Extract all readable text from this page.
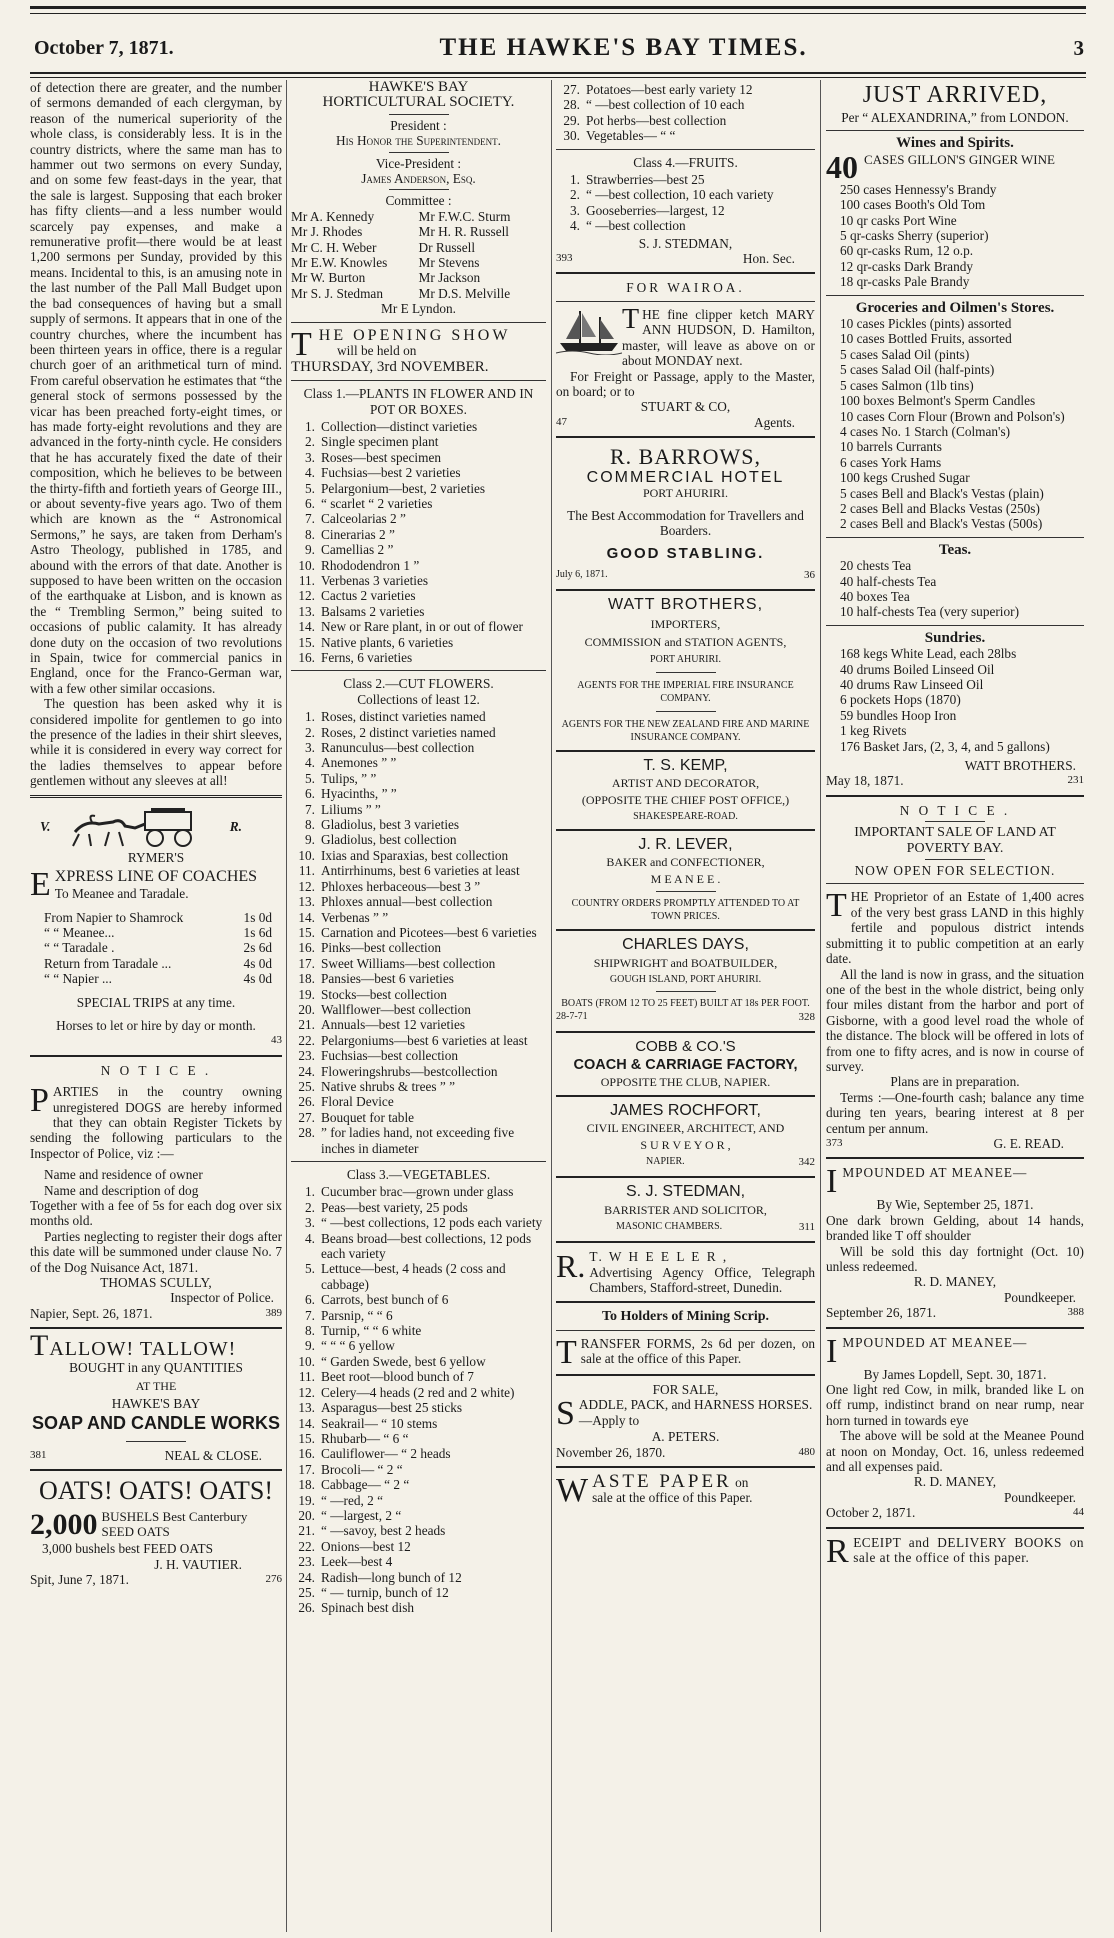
October 7, 1871.	THE HAWKE'S BAY TIMES.	3

of detection there are greater, and the number of sermons demanded of each clergyman, by reason of the numerical superiority of the whole class, is considerably less. It is in the country districts, where the same man has to hammer out two sermons on every Sunday, and on some few feast-days in the year, that the sale is largest. Supposing that each broker has fifty clients—and a less number would scarcely pay expenses, and make a remunerative profit—there would be at least 1,200 sermons per Sunday, provided by this means. Incidental to this, is an amusing note in the last number of the Pall Mall Budget upon the bad consequences of having but a small supply of sermons. It appears that in one of the country churches, where the incumbent has been thirteen years in office, there is a regular church goer of an arithmetical turn of mind. From careful observation he estimates that “the general stock of sermons possessed by the vicar has been preached forty-eight times, or has made forty-eight revolutions and they are advanced in the forty-ninth cycle. He considers that he has accurately fixed the date of their composition, which he believes to be between the thirty-fifth and fortieth years of George III., or about seventy-five years ago. Two of them which are known as the “ Astronomical Sermons,” he says, are taken from Derham's Astro Theology, published in 1785, and abound with the errors of that date. Another is supposed to have been written on the occasion of the earthquake at Lisbon, and is known as the “ Trembling Sermon,” being suited to occasions of public calamity. It has already done duty on the occasion of two revolutions in Spain, twice for commercial panics in England, once for the Franco-German war, with a few other similar occasions.

The question has been asked why it is considered impolite for gentlemen to go into the presence of the ladies in their shirt sleeves, while it is considered in every way correct for the ladies themselves to appear before gentlemen without any sleeves at all!

V.	R.

RYMER'S

EXPRESS LINE OF COACHES

To Meanee and Taradale.

From Napier to Shamrock	1s 0d
“ “ Meanee...	1s 6d
“ “ Taradale .	2s 6d
Return from Taradale ...	4s 0d
“ “ Napier ...	4s 0d

SPECIAL TRIPS at any time.

Horses to let or hire by day or month.

43

N O T I C E .

PARTIES in the country owning unregistered DOGS are hereby informed that they can obtain Register Tickets by sending the following particulars to the Inspector of Police, viz :—

Name and residence of owner

Name and description of dog

Together with a fee of 5s for each dog over six months old.

Parties neglecting to register their dogs after this date will be summoned under clause No. 7 of the Dog Nuisance Act, 1871.

THOMAS SCULLY,

Inspector of Police.

Napier, Sept. 26, 1871.	389

TALLOW! TALLOW!

BOUGHT in any QUANTITIES

AT THE

HAWKE'S BAY

SOAP AND CANDLE WORKS

381	NEAL & CLOSE.

OATS! OATS! OATS!

2,000 BUSHELS Best Canterbury SEED OATS

3,000 bushels best FEED OATS

J. H. VAUTIER.

Spit, June 7, 1871.	276

HAWKE'S BAY

HORTICULTURAL SOCIETY.

President :

His Honor the Superintendent.

Vice-President :

James Anderson, Esq.

Committee :

Mr A. Kennedy	Mr F.W.C. Sturm
Mr J. Rhodes	Mr H. R. Russell
Mr C. H. Weber	Dr Russell
Mr E.W. Knowles	Mr Stevens
Mr W. Burton	Mr Jackson
Mr S. J. Stedman	Mr D.S. Melville

Mr E Lyndon.

THE OPENING SHOW

will be held on

THURSDAY, 3rd NOVEMBER.

Class 1.—PLANTS IN FLOWER AND IN POT OR BOXES.

1. Collection—distinct varieties
2. Single specimen plant
3. Roses—best specimen
4. Fuchsias—best 2 varieties
5. Pelargonium—best, 2 varieties
6. “ scarlet “ 2 varieties
7. Calceolarias 2 ”
8. Cinerarias 2 ”
9. Camellias 2 ”
10. Rhododendron 1 ”
11. Verbenas 3 varieties
12. Cactus 2 varieties
13. Balsams 2 varieties
14. New or Rare plant, in or out of flower
15. Native plants, 6 varieties
16. Ferns, 6 varieties

Class 2.—CUT FLOWERS.

Collections of least 12.

1. Roses, distinct varieties named
2. Roses, 2 distinct varieties named
3. Ranunculus—best collection
4. Anemones ” ”
5. Tulips, ” ”
6. Hyacinths, ” ”
7. Liliums ” ”
8. Gladiolus, best 3 varieties
9. Gladiolus, best collection
10. Ixias and Sparaxias, best collection
11. Antirrhinums, best 6 varieties at least
12. Phloxes herbaceous—best 3 ”
13. Phloxes annual—best collection
14. Verbenas ” ”
15. Carnation and Picotees—best 6 varieties
16. Pinks—best collection
17. Sweet Williams—best collection
18. Pansies—best 6 varieties
19. Stocks—best collection
20. Wallflower—best collection
21. Annuals—best 12 varieties
22. Pelargoniums—best 6 varieties at least
23. Fuchsias—best collection
24. Floweringshrubs—bestcollection
25. Native shrubs & trees ” ”
26. Floral Device
27. Bouquet for table
28. ” for ladies hand, not exceeding five inches in diameter

Class 3.—VEGETABLES.

1. Cucumber brac—grown under glass
2. Peas—best variety, 25 pods
3. “ —best collections, 12 pods each variety
4. Beans broad—best collections, 12 pods each variety
5. Lettuce—best, 4 heads (2 coss and cabbage)
6. Carrots, best bunch of 6
7. Parsnip, “ “ 6
8. Turnip, “ “ 6 white
9. “ “ “ 6 yellow
10. “ Garden Swede, best 6 yellow
11. Beet root—blood bunch of 7
12. Celery—4 heads (2 red and 2 white)
13. Asparagus—best 25 sticks
14. Seakrail— “ 10 stems
15. Rhubarb— “ 6 “
16. Cauliflower— “ 2 heads
17. Brocoli— “ 2 “
18. Cabbage— “ 2 “
19. “ —red, 2 “
20. “ —largest, 2 “
21. “ —savoy, best 2 heads
22. Onions—best 12
23. Leek—best 4
24. Radish—long bunch of 12
25. “ — turnip, bunch of 12
26. Spinach best dish
27. Potatoes—best early variety 12
28. “ —best collection of 10 each
29. Pot herbs—best collection
30. Vegetables— “ “

Class 4.—FRUITS.

1. Strawberries—best 25
2. “ —best collection, 10 each variety
3. Gooseberries—largest, 12
4. “ —best collection

S. J. STEDMAN,

393	Hon. Sec.

FOR WAIROA.

THE fine clipper ketch MARY ANN HUDSON, D. Hamilton, master, will leave as above on or about MONDAY next.

For Freight or Passage, apply to the Master, on board; or to

STUART & CO,

47	Agents.

R. BARROWS,

COMMERCIAL HOTEL

PORT AHURIRI.

The Best Accommodation for Travellers and Boarders.

GOOD STABLING.

July 6, 1871.	36

WATT BROTHERS,

IMPORTERS,

COMMISSION and STATION AGENTS,

PORT AHURIRI.

AGENTS FOR THE IMPERIAL FIRE INSURANCE COMPANY.

AGENTS FOR THE NEW ZEALAND FIRE AND MARINE INSURANCE COMPANY.

T. S. KEMP,

ARTIST AND DECORATOR,

(OPPOSITE THE CHIEF POST OFFICE,)

SHAKESPEARE-ROAD.

J. R. LEVER,

BAKER and CONFECTIONER,

M E A N E E .

COUNTRY ORDERS PROMPTLY ATTENDED TO AT TOWN PRICES.

CHARLES DAYS,

SHIPWRIGHT and BOATBUILDER,

GOUGH ISLAND, PORT AHURIRI.

BOATS (FROM 12 TO 25 FEET) BUILT AT 18s PER FOOT.

28-7-71	328

COBB & CO.'S

COACH & CARRIAGE FACTORY,

OPPOSITE THE CLUB, NAPIER.

JAMES ROCHFORT,

CIVIL ENGINEER, ARCHITECT, AND

S U R V E Y O R ,

NAPIER.	342

S. J. STEDMAN,

BARRISTER AND SOLICITOR,

MASONIC CHAMBERS.	311

R. T. W H E E L E R ,

Advertising Agency Office, Telegraph Chambers, Stafford-street, Dunedin.

To Holders of Mining Scrip.

TRANSFER FORMS, 2s 6d per dozen, on sale at the office of this Paper.

FOR SALE,

SADDLE, PACK, and HARNESS HORSES.—Apply to

A. PETERS.

November 26, 1870.	480

WASTE PAPER on

sale at the office of this Paper.

JUST ARRIVED,

Per “ ALEXANDRINA,” from LONDON.

Wines and Spirits.

40 CASES GILLON'S GINGER WINE

250 cases Hennessy's Brandy

100 cases Booth's Old Tom

10 qr casks Port Wine

5 qr-casks Sherry (superior)

60 qr-casks Rum, 12 o.p.

12 qr-casks Dark Brandy

18 qr-casks Pale Brandy

Groceries and Oilmen's Stores.

10 cases Pickles (pints) assorted

10 cases Bottled Fruits, assorted

5 cases Salad Oil (pints)

5 cases Salad Oil (half-pints)

5 cases Salmon (1lb tins)

100 boxes Belmont's Sperm Candles

10 cases Corn Flour (Brown and Polson's)

4 cases No. 1 Starch (Colman's)

10 barrels Currants

6 cases York Hams

100 kegs Crushed Sugar

5 cases Bell and Black's Vestas (plain)

2 cases Bell and Blacks Vestas (250s)

2 cases Bell and Black's Vestas (500s)

Teas.

20 chests Tea

40 half-chests Tea

40 boxes Tea

10 half-chests Tea (very superior)

Sundries.

168 kegs White Lead, each 28lbs

40 drums Boiled Linseed Oil

40 drums Raw Linseed Oil

6 pockets Hops (1870)

59 bundles Hoop Iron

1 keg Rivets

176 Basket Jars, (2, 3, 4, and 5 gallons)

WATT BROTHERS.

May 18, 1871.	231

N O T I C E .

IMPORTANT SALE OF LAND AT POVERTY BAY.

NOW OPEN FOR SELECTION.

THE Proprietor of an Estate of 1,400 acres of the very best grass LAND in this highly fertile and populous district intends submitting it to public competition at an early date.

All the land is now in grass, and the situation one of the best in the whole district, being only four miles distant from the harbor and port of Gisborne, with a good level road the whole of the distance. The block will be offered in lots of from one to fifty acres, and is now in course of survey.

Plans are in preparation.

Terms :—One-fourth cash; balance any time during ten years, bearing interest at 8 per centum per annum.

373	G. E. READ.

IMPOUNDED AT MEANEE—

By Wie, September 25, 1871.

One dark brown Gelding, about 14 hands, branded like T off shoulder

Will be sold this day fortnight (Oct. 10) unless redeemed.

R. D. MANEY,

Poundkeeper.

September 26, 1871.	388

IMPOUNDED AT MEANEE—

By James Lopdell, Sept. 30, 1871.

One light red Cow, in milk, branded like L on off rump, indistinct brand on near rump, near horn turned in towards eye

The above will be sold at the Meanee Pound at noon on Monday, Oct. 16, unless redeemed and all expenses paid.

R. D. MANEY,

Poundkeeper.

October 2, 1871.	44

RECEIPT and DELIVERY BOOKS on sale at the office of this paper.
